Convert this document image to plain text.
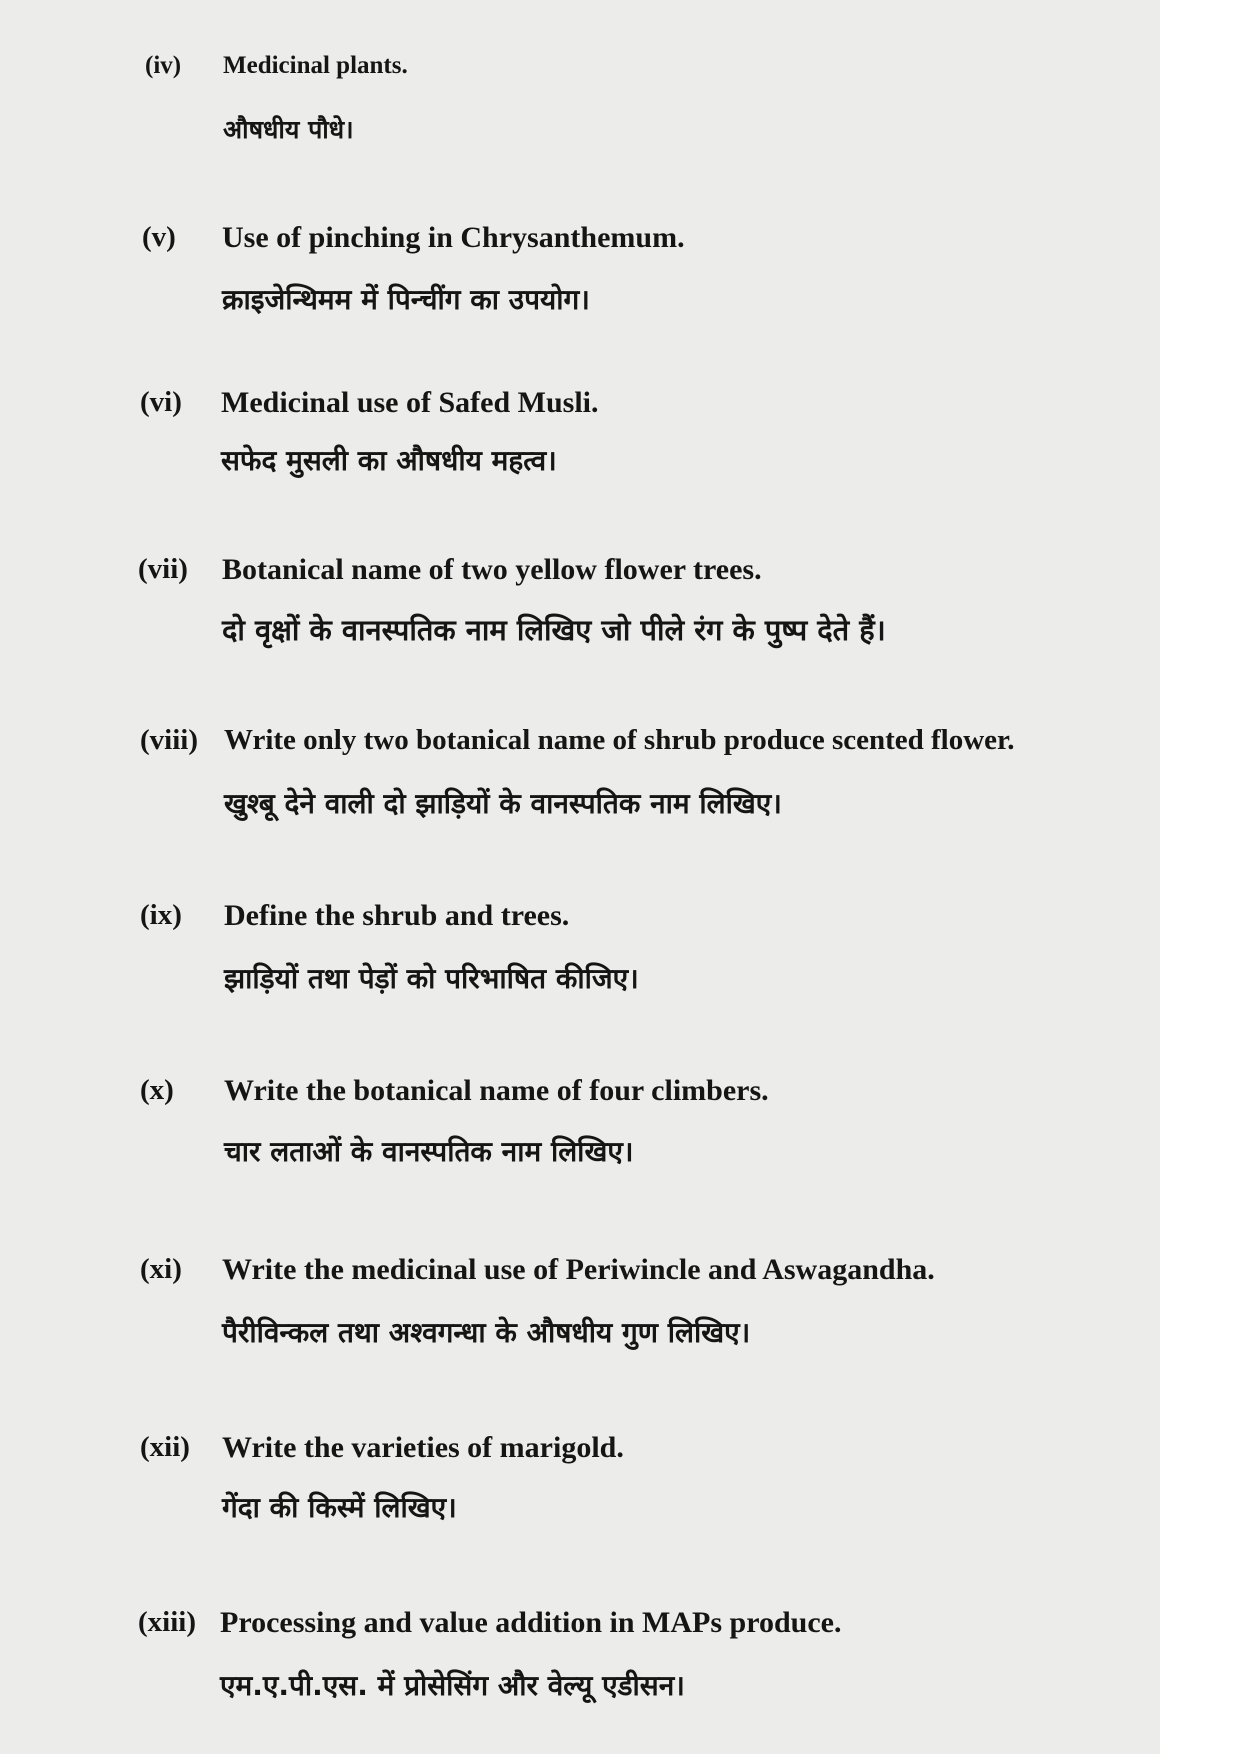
(iv) Medicinal plants.
औषधीय पौधे।
(v) Use of pinching in Chrysanthemum.
क्राइजेन्थिमम में पिन्चींग का उपयोग।
(vi) Medicinal use of Safed Musli.
सफेद मुसली का औषधीय महत्व।
(vii) Botanical name of two yellow flower trees.
दो वृक्षों के वानस्पतिक नाम लिखिए जो पीले रंग के पुष्प देते हैं।
(viii) Write only two botanical name of shrub produce scented flower.
खुश्बू देने वाली दो झाड़ियों के वानस्पतिक नाम लिखिए।
(ix) Define the shrub and trees.
झाड़ियों तथा पेड़ों को परिभाषित कीजिए।
(x) Write the botanical name of four climbers.
चार लताओं के वानस्पतिक नाम लिखिए।
(xi) Write the medicinal use of Periwincle and Aswagandha.
पैरीविन्कल तथा अश्वगन्धा के औषधीय गुण लिखिए।
(xii) Write the varieties of marigold.
गेंदा की किस्में लिखिए।
(xiii) Processing and value addition in MAPs produce.
एम.ए.पी.एस. में प्रोसेसिंग और वेल्यू एडीसन।
